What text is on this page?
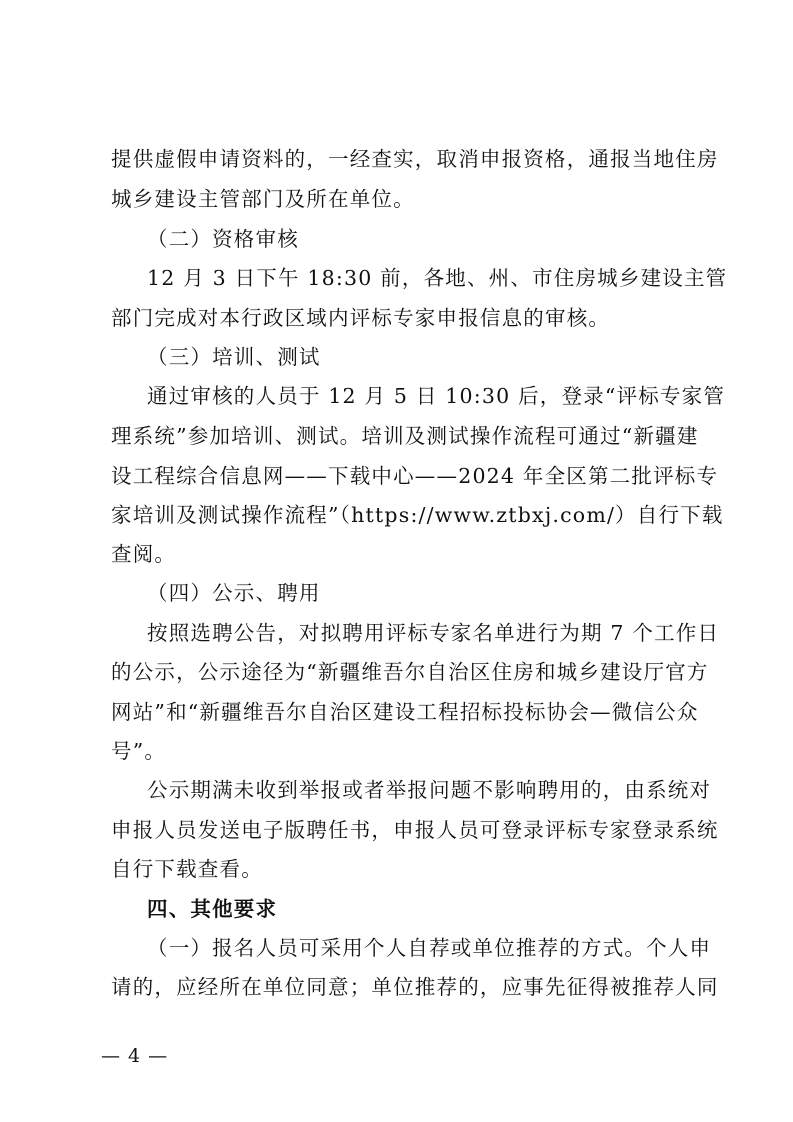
提供虚假申请资料的，一经查实，取消申报资格，通报当地住房
城乡建设主管部门及所在单位。
（二）资格审核
12 月 3 日下午 18:30 前，各地、州、市住房城乡建设主管
部门完成对本行政区域内评标专家申报信息的审核。
（三）培训、测试
通过审核的人员于 12 月 5 日 10:30 后，登录“评标专家管
理系统”参加培训、测试。培训及测试操作流程可通过“新疆建
设工程综合信息网——下载中心——2024 年全区第二批评标专
家培训及测试操作流程”（https://www.ztbxj.com/）自行下载
查阅。
（四）公示、聘用
按照选聘公告，对拟聘用评标专家名单进行为期 7 个工作日
的公示，公示途径为“新疆维吾尔自治区住房和城乡建设厅官方
网站”和“新疆维吾尔自治区建设工程招标投标协会—微信公众
号”。
公示期满未收到举报或者举报问题不影响聘用的，由系统对
申报人员发送电子版聘任书，申报人员可登录评标专家登录系统
自行下载查看。
四、其他要求
（一）报名人员可采用个人自荐或单位推荐的方式。个人申
请的，应经所在单位同意；单位推荐的，应事先征得被推荐人同
— 4 —
